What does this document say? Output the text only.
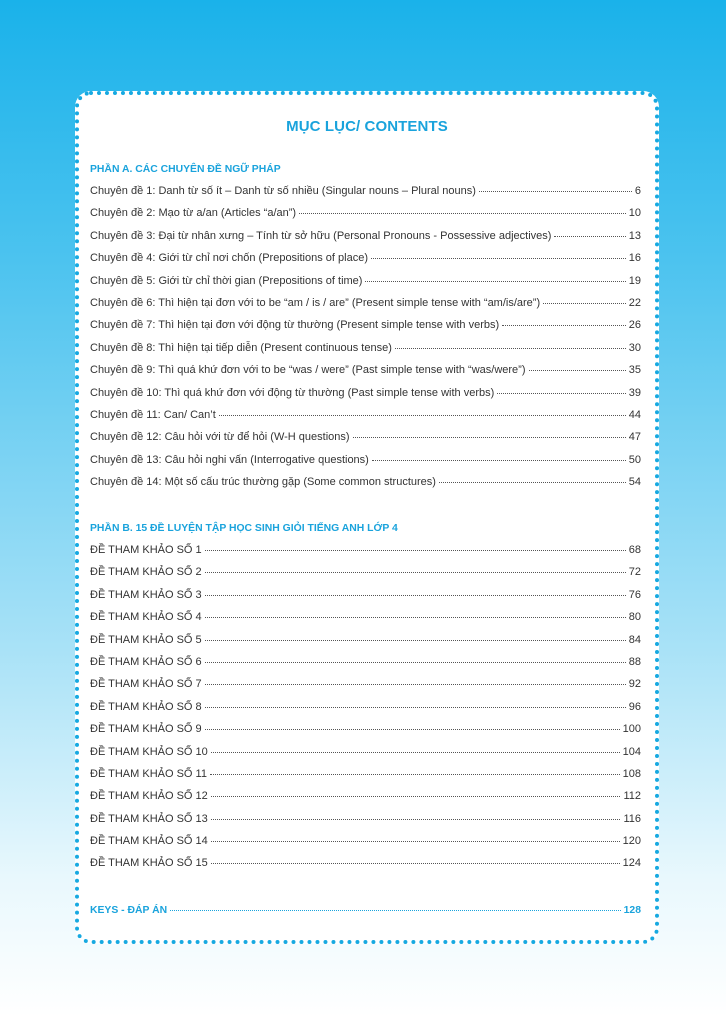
MỤC LỤC/ CONTENTS
PHẦN A. CÁC CHUYÊN ĐỀ NGỮ PHÁP
Chuyên đề 1: Danh từ số ít – Danh từ số nhiều (Singular nouns – Plural nouns)	6
Chuyên đề 2: Mạo từ a/an (Articles “a/an”)	10
Chuyên đề 3: Đại từ nhân xưng – Tính từ sở hữu (Personal Pronouns - Possessive adjectives)	13
Chuyên đề 4: Giới từ chỉ nơi chốn (Prepositions of place)	16
Chuyên đề 5: Giới từ chỉ thời gian (Prepositions of time)	19
Chuyên đề 6: Thì hiện tại đơn với to be “am / is / are” (Present simple tense with “am/is/are”)	22
Chuyên đề 7: Thì hiện tại đơn với động từ thường (Present simple tense with verbs)	26
Chuyên đề 8: Thì hiện tại tiếp diễn (Present continuous tense)	30
Chuyên đề 9: Thì quá khứ đơn với to be “was / were” (Past simple tense with “was/were”)	35
Chuyên đề 10: Thì quá khứ đơn với động từ thường (Past simple tense with verbs)	39
Chuyên đề 11: Can/ Can’t	44
Chuyên đề 12: Câu hỏi với từ để hỏi (W-H questions)	47
Chuyên đề 13: Câu hỏi nghi vấn (Interrogative questions)	50
Chuyên đề 14: Một số cấu trúc thường gặp (Some common structures)	54
PHẦN B. 15 ĐỀ LUYỆN TẬP HỌC SINH GIỎI TIẾNG ANH LỚP 4
ĐỀ THAM KHẢO SỐ 1	68
ĐỀ THAM KHẢO SỐ 2	72
ĐỀ THAM KHẢO SỐ 3	76
ĐỀ THAM KHẢO SỐ 4	80
ĐỀ THAM KHẢO SỐ 5	84
ĐỀ THAM KHẢO SỐ 6	88
ĐỀ THAM KHẢO SỐ 7	92
ĐỀ THAM KHẢO SỐ 8	96
ĐỀ THAM KHẢO SỐ 9	100
ĐỀ THAM KHẢO SỐ 10	104
ĐỀ THAM KHẢO SỐ 11	108
ĐỀ THAM KHẢO SỐ 12	112
ĐỀ THAM KHẢO SỐ 13	116
ĐỀ THAM KHẢO SỐ 14	120
ĐỀ THAM KHẢO SỐ 15	124
KEYS - ĐÁP ÁN	128
